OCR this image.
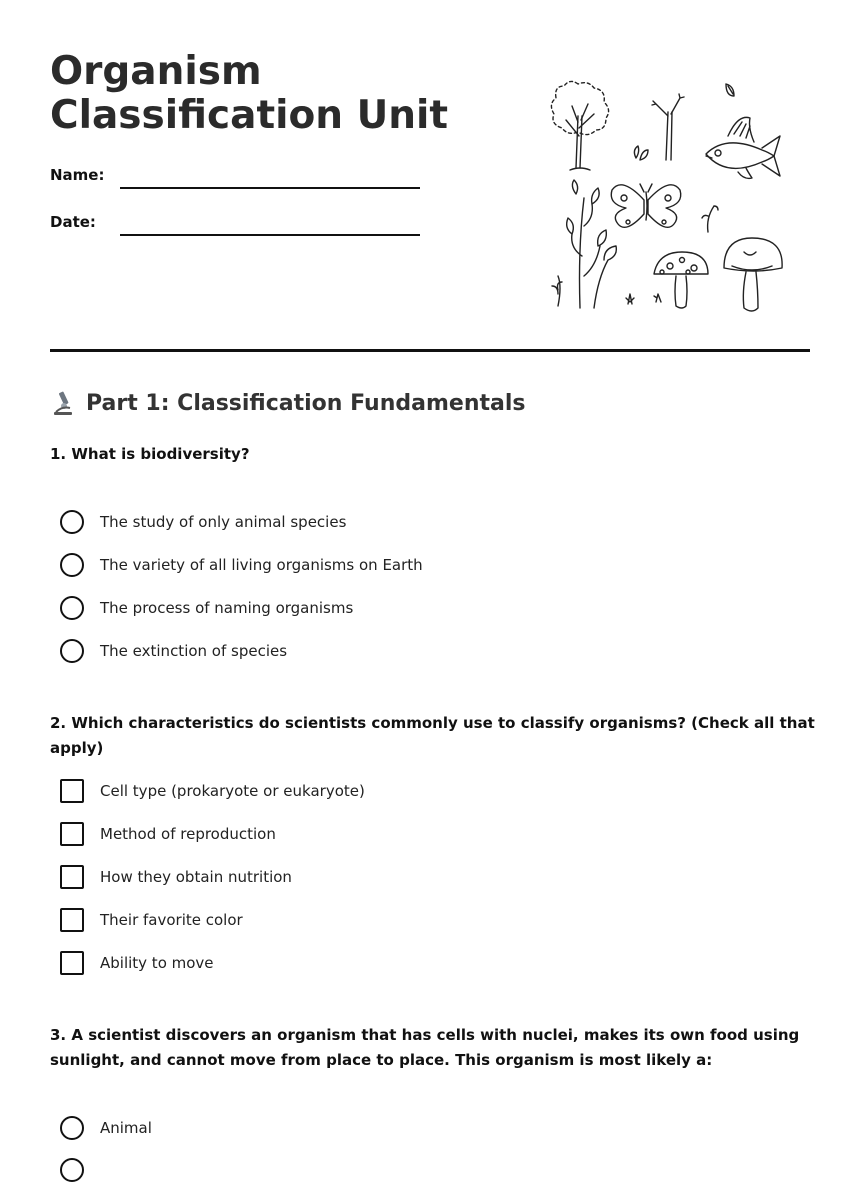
Organism Classification Unit
Name:
Date:
Part 1: Classification Fundamentals

1. What is biodiversity?

The study of only animal species
The variety of all living organisms on Earth
The process of naming organisms
The extinction of species

2. Which characteristics do scientists commonly use to classify organisms? (Check all that apply)

Cell type (prokaryote or eukaryote)
Method of reproduction
How they obtain nutrition
Their favorite color
Ability to move

3. A scientist discovers an organism that has cells with nuclei, makes its own food using sunlight, and cannot move from place to place. This organism is most likely a:

Animal
